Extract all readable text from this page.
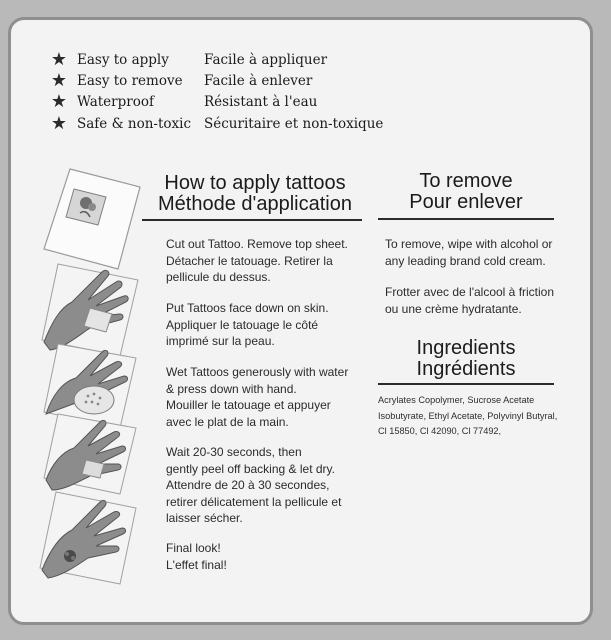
★ Easy to apply	Facile à appliquer
★ Easy to remove Facile à enlever
★ Waterproof	Résistant à l'eau
★ Safe & non-toxic Sécuritaire et non-toxique
How to apply tattoos
Méthode d'application
To remove
Pour enlever
Cut out Tattoo. Remove top sheet.
Détacher le tatouage. Retirer la
pellicule du dessus.
Put Tattoos face down on skin.
Appliquer le tatouage le côté
imprimé sur la peau.
Wet Tattoos generously with water
& press down with hand.
Mouiller le tatouage et appuyer
avec le plat de la main.
Wait 20-30 seconds, then
gently peel off backing & let dry.
Attendre de 20 à 30 secondes,
retirer délicatement la pellicule et
laisser sécher.
Final look!
L'effet final!
To remove, wipe with alcohol or
any leading brand cold cream.
Frotter avec de l'alcool à friction
ou une crème hydratante.
Ingredients
Ingrédients
Acrylates Copolymer, Sucrose Acetate
Isobutyrate, Ethyl Acetate, Polyvinyl Butyral,
Cl 15850, Cl 42090, Cl 77492,
